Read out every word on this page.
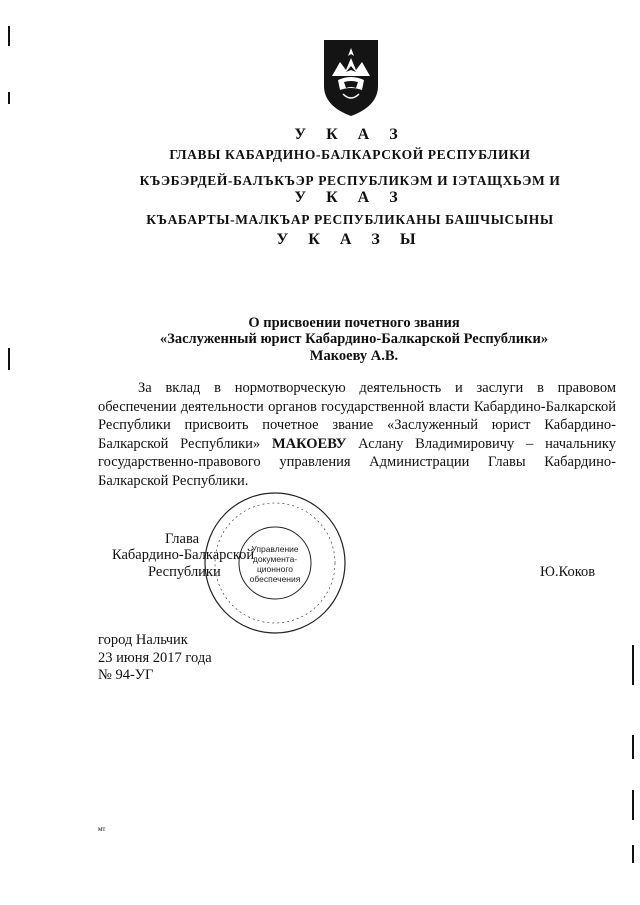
У К А З
ГЛАВЫ КАБАРДИНО-БАЛКАРСКОЙ РЕСПУБЛИКИ
КЪЭБЭРДЕЙ-БАЛЪКЪЭР РЕСПУБЛИКЭМ И ІЭТАЩХЬЭМ И
У К А З
КЪАБАРТЫ-МАЛКЪАР РЕСПУБЛИКАНЫ БАШЧЫСЫНЫ
У К А З Ы
О присвоении почетного звания
«Заслуженный юрист Кабардино-Балкарской Республики»
Макоеву А.В.
За вклад в нормотворческую деятельность и заслуги в правовом обеспечении деятельности органов государственной власти Кабардино-Балкарской Республики присвоить почетное звание «Заслуженный юрист Кабардино-Балкарской Республики» МАКОЕВУ Аслану Владимировичу – начальнику государственно-правового управления Администрации Главы Кабардино-Балкарской Республики.
Управление
документа-
ционного
обеспечения
Глава
Кабардино-Балкарской
Республики	Ю.Коков
город Нальчик
23 июня 2017 года
№ 94-УГ
мт
